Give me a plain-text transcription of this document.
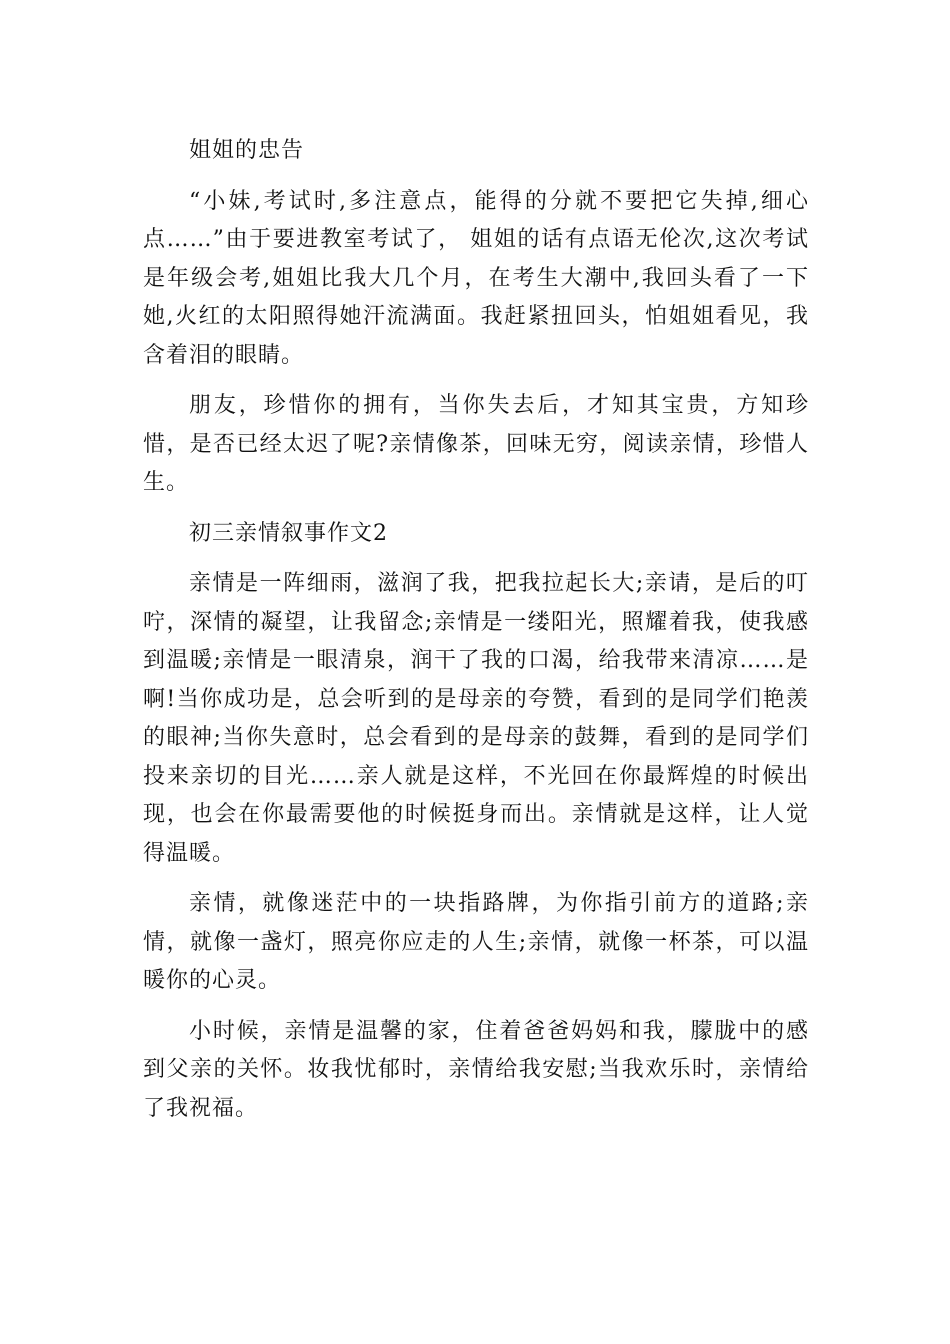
姐姐的忠告

“小妹,考试时,多注意点，能得的分就不要把它失掉,细心点……”由于要进教室考试了， 姐姐的话有点语无伦次,这次考试是年级会考,姐姐比我大几个月，在考生大潮中,我回头看了一下她,火红的太阳照得她汗流满面。我赶紧扭回头，怕姐姐看见，我含着泪的眼睛。

朋友，珍惜你的拥有，当你失去后，才知其宝贵，方知珍惜，是否已经太迟了呢?亲情像茶，回味无穷，阅读亲情，珍惜人生。

初三亲情叙事作文2

亲情是一阵细雨，滋润了我，把我拉起长大;亲请，是后的叮咛，深情的凝望，让我留念;亲情是一缕阳光，照耀着我，使我感到温暖;亲情是一眼清泉，润干了我的口渴，给我带来清凉……是啊!当你成功是，总会听到的是母亲的夸赞，看到的是同学们艳羡的眼神;当你失意时，总会看到的是母亲的鼓舞，看到的是同学们投来亲切的目光……亲人就是这样，不光回在你最辉煌的时候出现，也会在你最需要他的时候挺身而出。亲情就是这样，让人觉得温暖。

亲情，就像迷茫中的一块指路牌，为你指引前方的道路;亲情，就像一盏灯，照亮你应走的人生;亲情，就像一杯茶，可以温暖你的心灵。

小时候，亲情是温馨的家，住着爸爸妈妈和我，朦胧中的感到父亲的关怀。妆我忧郁时，亲情给我安慰;当我欢乐时，亲情给了我祝福。
